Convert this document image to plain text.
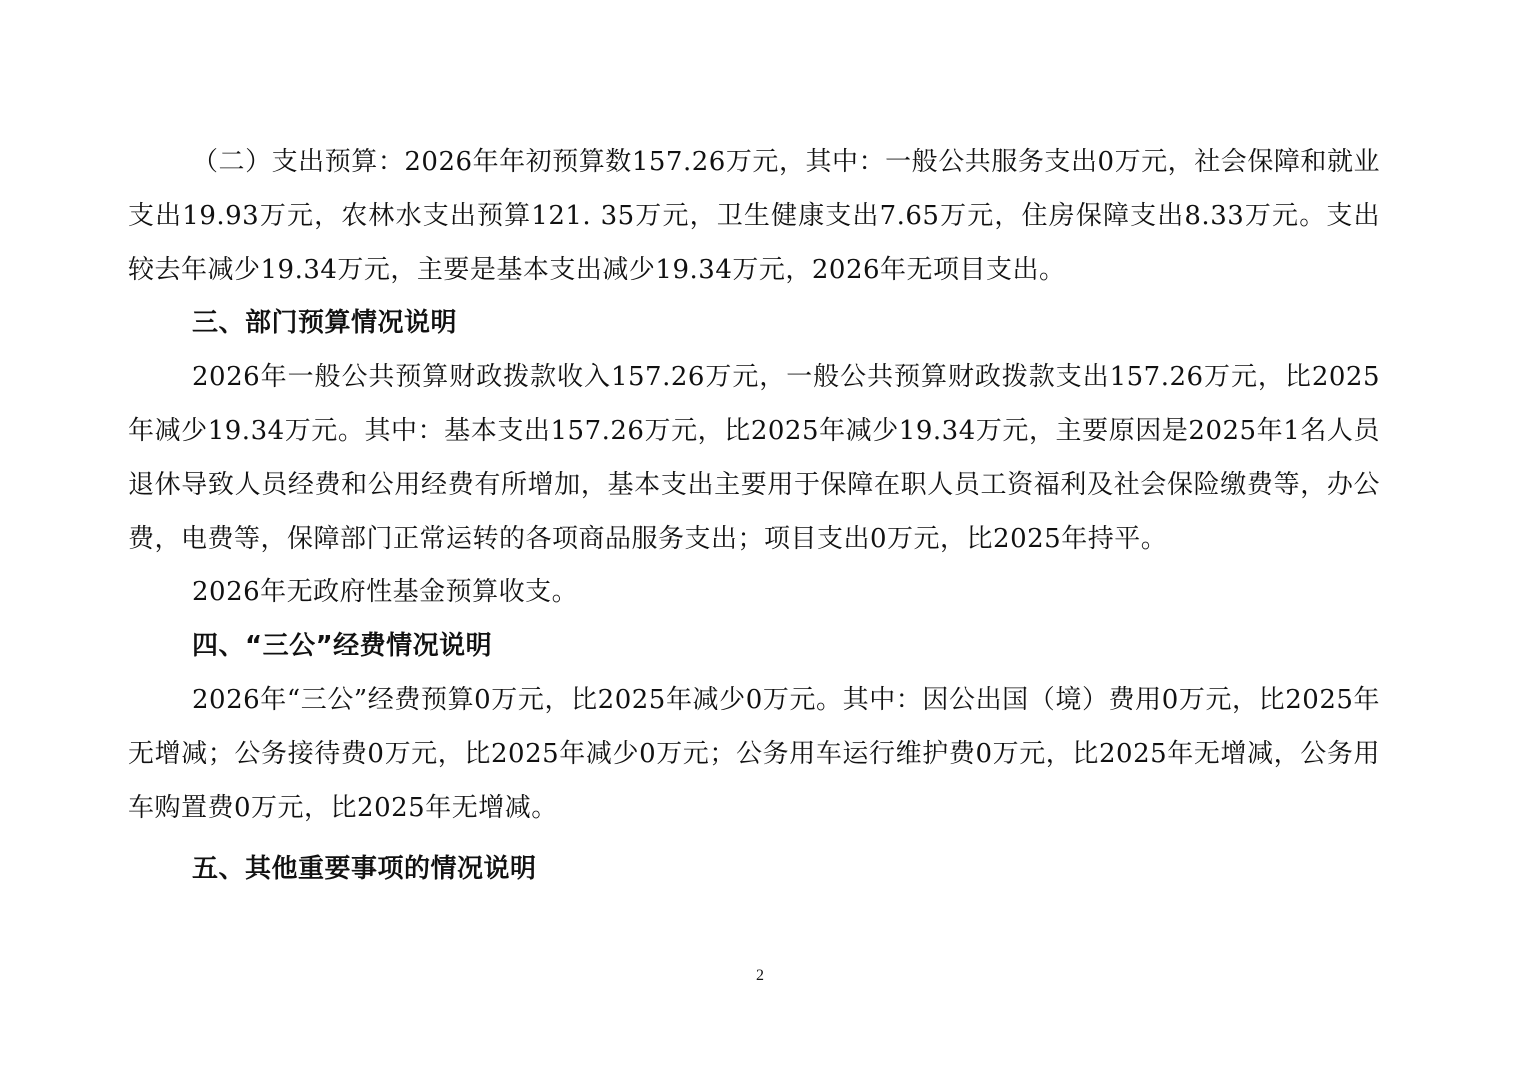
（二）支出预算：2026年年初预算数157.26万元，其中：一般公共服务支出0万元，社会保障和就业支出19.93万元，农林水支出预算121. 35万元，卫生健康支出7.65万元，住房保障支出8.33万元。支出较去年减少19.34万元，主要是基本支出减少19.34万元，2026年无项目支出。

三、部门预算情况说明

2026年一般公共预算财政拨款收入157.26万元，一般公共预算财政拨款支出157.26万元，比2025年减少19.34万元。其中：基本支出157.26万元，比2025年减少19.34万元，主要原因是2025年1名人员退休导致人员经费和公用经费有所增加，基本支出主要用于保障在职人员工资福利及社会保险缴费等，办公费，电费等，保障部门正常运转的各项商品服务支出；项目支出0万元，比2025年持平。

2026年无政府性基金预算收支。

四、“三公”经费情况说明

2026年“三公”经费预算0万元，比2025年减少0万元。其中：因公出国（境）费用0万元，比2025年无增减；公务接待费0万元，比2025年减少0万元；公务用车运行维护费0万元，比2025年无增减，公务用车购置费0万元，比2025年无增减。

五、其他重要事项的情况说明

2
